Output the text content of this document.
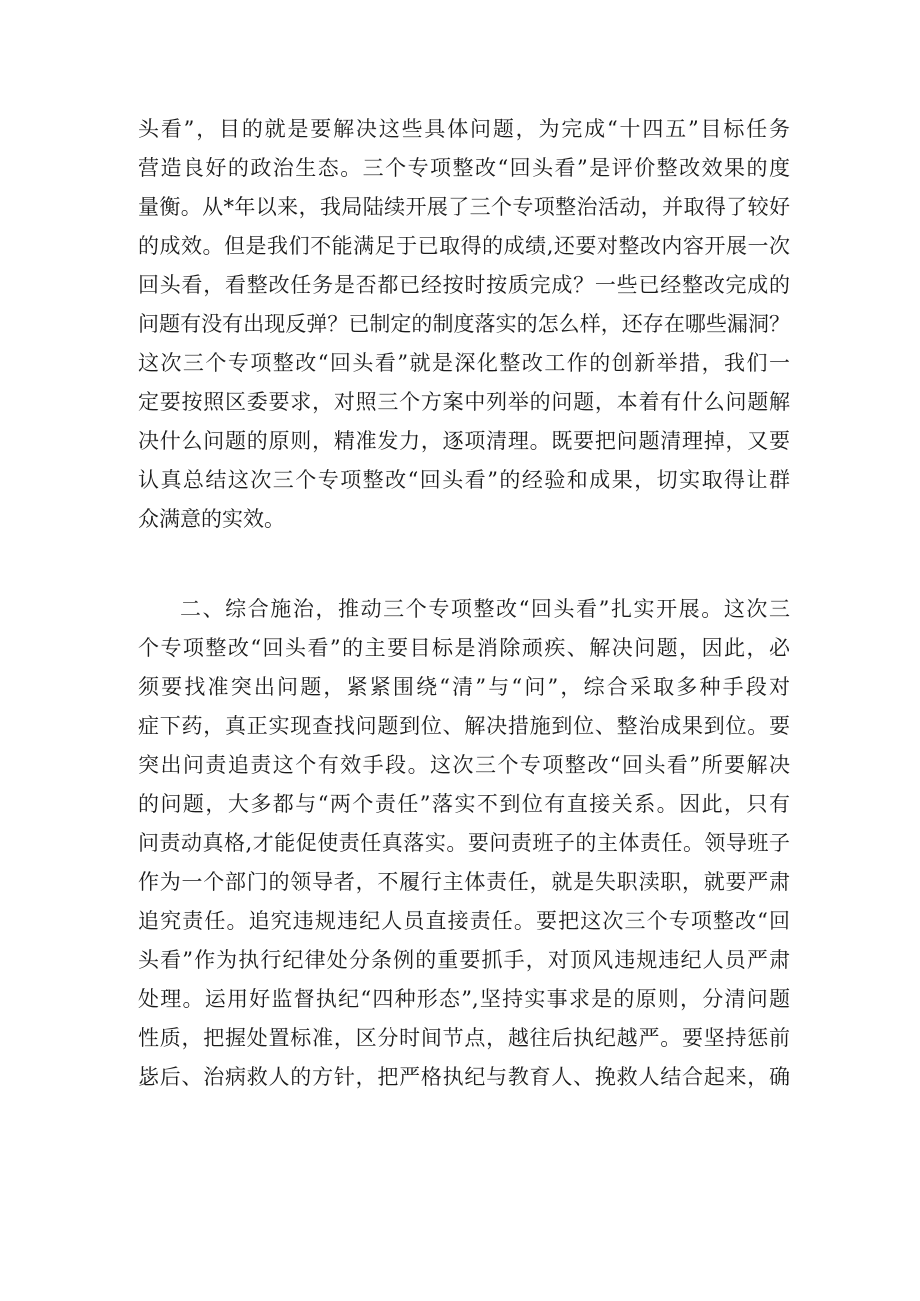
头看”，目的就是要解决这些具体问题，为完成“十四五”目标任务
营造良好的政治生态。三个专项整改“回头看”是评价整改效果的度
量衡。从*年以来，我局陆续开展了三个专项整治活动，并取得了较好
的成效。但是我们不能满足于已取得的成绩,还要对整改内容开展一次
回头看，看整改任务是否都已经按时按质完成？一些已经整改完成的
问题有没有出现反弹？已制定的制度落实的怎么样，还存在哪些漏洞？
这次三个专项整改“回头看”就是深化整改工作的创新举措，我们一
定要按照区委要求，对照三个方案中列举的问题，本着有什么问题解
决什么问题的原则，精准发力，逐项清理。既要把问题清理掉，又要
认真总结这次三个专项整改“回头看”的经验和成果，切实取得让群
众满意的实效。
二、综合施治，推动三个专项整改“回头看”扎实开展。这次三
个专项整改“回头看”的主要目标是消除顽疾、解决问题，因此，必
须要找准突出问题，紧紧围绕“清”与“问”，综合采取多种手段对
症下药，真正实现查找问题到位、解决措施到位、整治成果到位。要
突出问责追责这个有效手段。这次三个专项整改“回头看”所要解决
的问题，大多都与“两个责任”落实不到位有直接关系。因此，只有
问责动真格,才能促使责任真落实。要问责班子的主体责任。领导班子
作为一个部门的领导者，不履行主体责任，就是失职渎职，就要严肃
追究责任。追究违规违纪人员直接责任。要把这次三个专项整改“回
头看”作为执行纪律处分条例的重要抓手，对顶风违规违纪人员严肃
处理。运用好监督执纪“四种形态”,坚持实事求是的原则，分清问题
性质，把握处置标准，区分时间节点，越往后执纪越严。要坚持惩前
毖后、治病救人的方针，把严格执纪与教育人、挽救人结合起来，确
